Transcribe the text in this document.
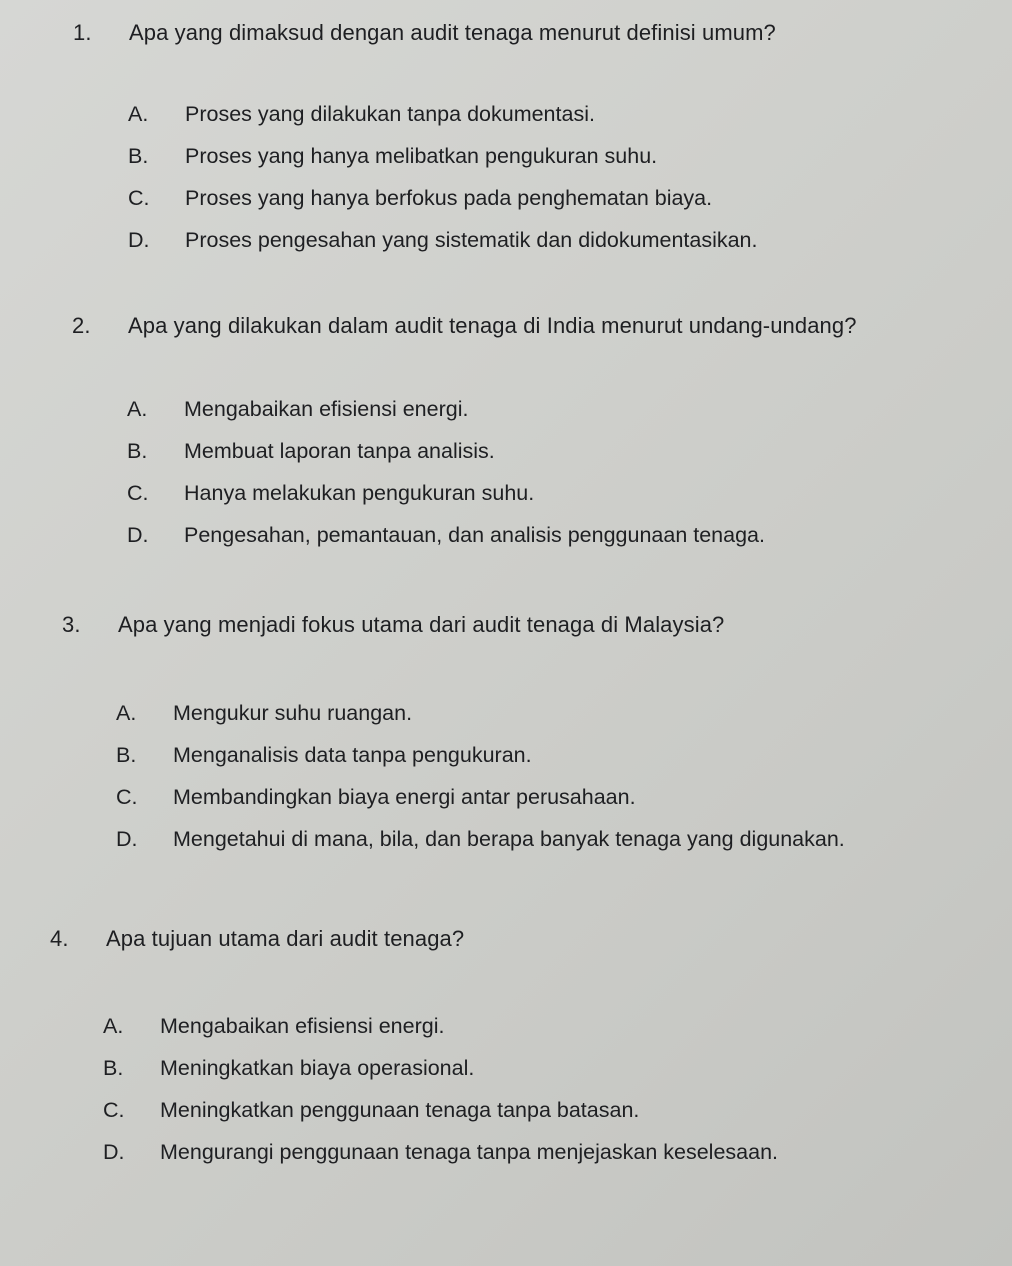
1. Apa yang dimaksud dengan audit tenaga menurut definisi umum?
A. Proses yang dilakukan tanpa dokumentasi.
B. Proses yang hanya melibatkan pengukuran suhu.
C. Proses yang hanya berfokus pada penghematan biaya.
D. Proses pengesahan yang sistematik dan didokumentasikan.
2. Apa yang dilakukan dalam audit tenaga di India menurut undang-undang?
A. Mengabaikan efisiensi energi.
B. Membuat laporan tanpa analisis.
C. Hanya melakukan pengukuran suhu.
D. Pengesahan, pemantauan, dan analisis penggunaan tenaga.
3. Apa yang menjadi fokus utama dari audit tenaga di Malaysia?
A. Mengukur suhu ruangan.
B. Menganalisis data tanpa pengukuran.
C. Membandingkan biaya energi antar perusahaan.
D. Mengetahui di mana, bila, dan berapa banyak tenaga yang digunakan.
4. Apa tujuan utama dari audit tenaga?
A. Mengabaikan efisiensi energi.
B. Meningkatkan biaya operasional.
C. Meningkatkan penggunaan tenaga tanpa batasan.
D. Mengurangi penggunaan tenaga tanpa menjejaskan keselesaan.
